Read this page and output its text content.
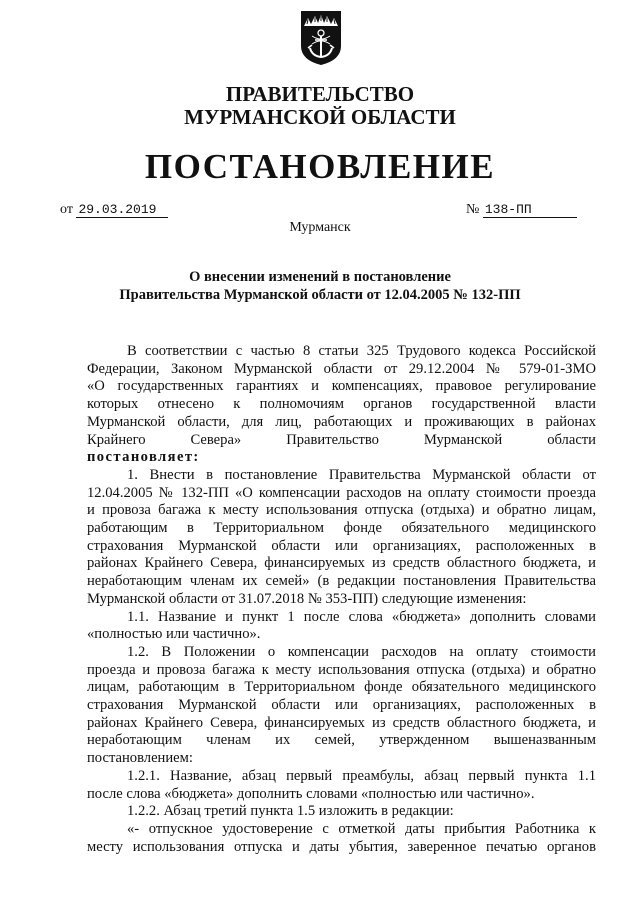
ПРАВИТЕЛЬСТВО
МУРМАНСКОЙ ОБЛАСТИ
ПОСТАНОВЛЕНИЕ
от 29.03.2019	№ 138-ПП
Мурманск
О внесении изменений в постановление
Правительства Мурманской области от 12.04.2005 № 132-ПП

В соответствии с частью 8 статьи 325 Трудового кодекса Российской

Федерации, Законом Мурманской области от 29.12.2004 № 579-01-ЗМО

«О государственных гарантиях и компенсациях, правовое регулирование

которых отнесено к полномочиям органов государственной власти

Мурманской области, для лиц, работающих и проживающих в районах

Крайнего Севера» Правительство Мурманской области

постановляет:

1. Внести в постановление Правительства Мурманской области от

12.04.2005 № 132-ПП «О компенсации расходов на оплату стоимости проезда

и провоза багажа к месту использования отпуска (отдыха) и обратно лицам,

работающим в Территориальном фонде обязательного медицинского

страхования Мурманской области или организациях, расположенных в

районах Крайнего Севера, финансируемых из средств областного бюджета, и

неработающим членам их семей» (в редакции постановления Правительства

Мурманской области от 31.07.2018 № 353-ПП) следующие изменения:

1.1. Название и пункт 1 после слова «бюджета» дополнить словами

«полностью или частично».

1.2. В Положении о компенсации расходов на оплату стоимости

проезда и провоза багажа к месту использования отпуска (отдыха) и обратно

лицам, работающим в Территориальном фонде обязательного медицинского

страхования Мурманской области или организациях, расположенных в

районах Крайнего Севера, финансируемых из средств областного бюджета, и

неработающим членам их семей, утвержденном вышеназванным

постановлением:

1.2.1. Название, абзац первый преамбулы, абзац первый пункта 1.1

после слова «бюджета» дополнить словами «полностью или частично».

1.2.2. Абзац третий пункта 1.5 изложить в редакции:

«- отпускное удостоверение с отметкой даты прибытия Работника к

месту использования отпуска и даты убытия, заверенное печатью органов
